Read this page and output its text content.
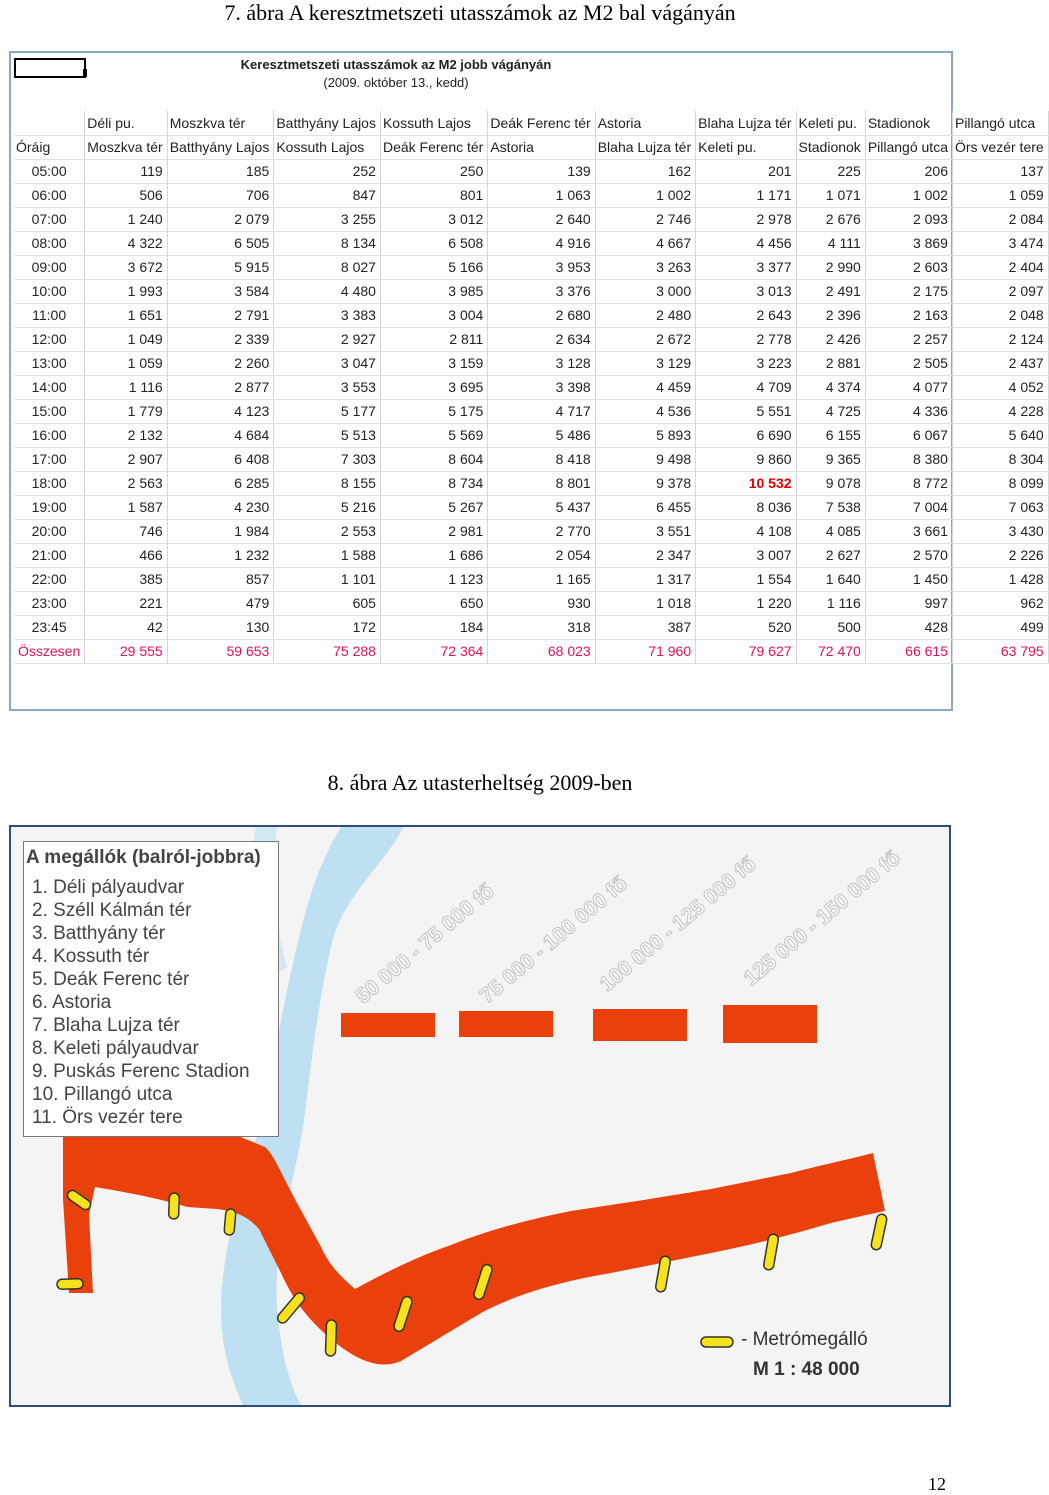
7. ábra A keresztmetszeti utasszámok az M2 bal vágányán
Keresztmetszeti utasszámok az M2 jobb vágányán
(2009. október 13., kedd)
	Déli pu.	Moszkva tér	Batthyány Lajos	Kossuth Lajos	Deák Ferenc tér	Astoria	Blaha Lujza tér	Keleti pu.	Stadionok	Pillangó utca
Óráig	Moszkva tér	Batthyány Lajos	Kossuth Lajos	Deák Ferenc tér	Astoria	Blaha Lujza tér	Keleti pu.	Stadionok	Pillangó utca	Örs vezér tere
05:00	119	185	252	250	139	162	201	225	206	137
06:00	506	706	847	801	1 063	1 002	1 171	1 071	1 002	1 059
07:00	1 240	2 079	3 255	3 012	2 640	2 746	2 978	2 676	2 093	2 084
08:00	4 322	6 505	8 134	6 508	4 916	4 667	4 456	4 111	3 869	3 474
09:00	3 672	5 915	8 027	5 166	3 953	3 263	3 377	2 990	2 603	2 404
10:00	1 993	3 584	4 480	3 985	3 376	3 000	3 013	2 491	2 175	2 097
11:00	1 651	2 791	3 383	3 004	2 680	2 480	2 643	2 396	2 163	2 048
12:00	1 049	2 339	2 927	2 811	2 634	2 672	2 778	2 426	2 257	2 124
13:00	1 059	2 260	3 047	3 159	3 128	3 129	3 223	2 881	2 505	2 437
14:00	1 116	2 877	3 553	3 695	3 398	4 459	4 709	4 374	4 077	4 052
15:00	1 779	4 123	5 177	5 175	4 717	4 536	5 551	4 725	4 336	4 228
16:00	2 132	4 684	5 513	5 569	5 486	5 893	6 690	6 155	6 067	5 640
17:00	2 907	6 408	7 303	8 604	8 418	9 498	9 860	9 365	8 380	8 304
18:00	2 563	6 285	8 155	8 734	8 801	9 378	10 532	9 078	8 772	8 099
19:00	1 587	4 230	5 216	5 267	5 437	6 455	8 036	7 538	7 004	7 063
20:00	746	1 984	2 553	2 981	2 770	3 551	4 108	4 085	3 661	3 430
21:00	466	1 232	1 588	1 686	2 054	2 347	3 007	2 627	2 570	2 226
22:00	385	857	1 101	1 123	1 165	1 317	1 554	1 640	1 450	1 428
23:00	221	479	605	650	930	1 018	1 220	1 116	997	962
23:45	42	130	172	184	318	387	520	500	428	499
Összesen	29 555	59 653	75 288	72 364	68 023	71 960	79 627	72 470	66 615	63 795
8. ábra Az utasterheltség 2009-ben
A megállók (balról-jobbra)
1. Déli pályaudvar
2. Széll Kálmán tér
3. Batthyány tér
4. Kossuth tér
5. Deák Ferenc tér
6. Astoria
7. Blaha Lujza tér
8. Keleti pályaudvar
9. Puskás Ferenc Stadion
10. Pillangó utca
11. Örs vezér tere
50 000 - 75 000 fő
75 000 - 100 000 fő
100 000 - 125 000 fő
125 000 - 150 000 fő
- Metrómegálló
M 1 : 48 000
12
